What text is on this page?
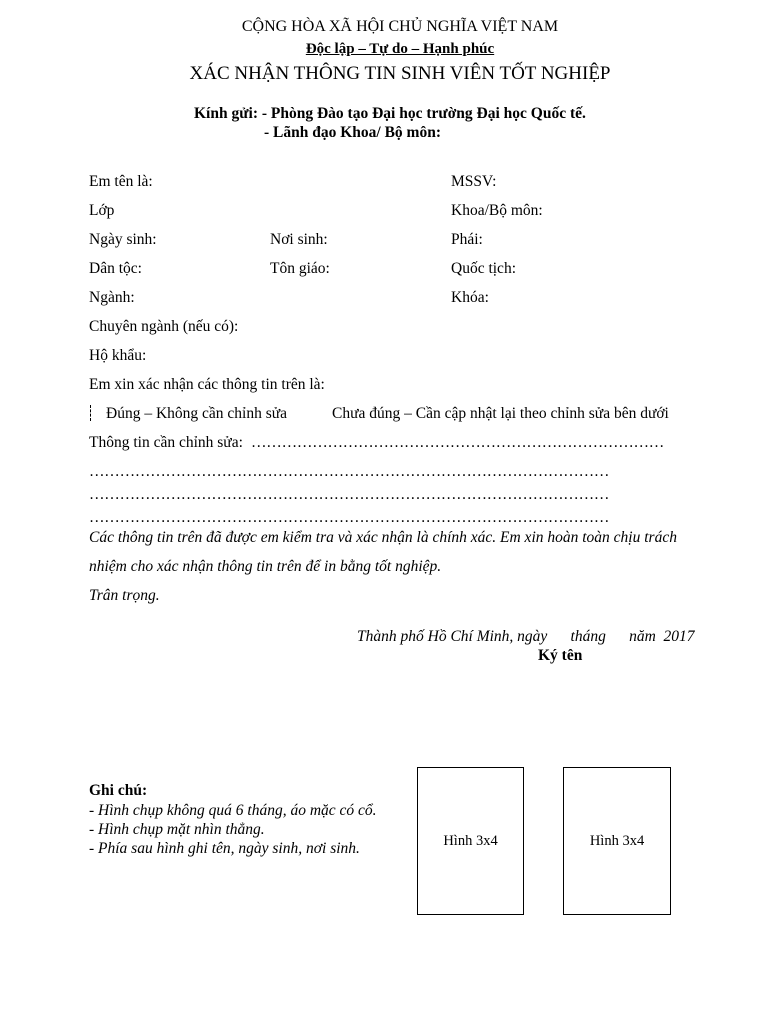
CỘNG HÒA XÃ HỘI CHỦ NGHĨA VIỆT NAM
Độc lập – Tự do – Hạnh phúc
XÁC NHẬN THÔNG TIN SINH VIÊN TỐT NGHIỆP
Kính gửi: - Phòng Đào tạo Đại học trường Đại học Quốc tế.
- Lãnh đạo Khoa/ Bộ môn:
Em tên là:	MSSV:
Lớp	Khoa/Bộ môn:
Ngày sinh:	Nơi sinh:	Phái:
Dân tộc:	Tôn giáo:	Quốc tịch:
Ngành:	Khóa:
Chuyên ngành (nếu có):
Hộ khẩu:
Em xin xác nhận các thông tin trên là:
Đúng – Không cần chỉnh sửa	Chưa đúng – Cần cập nhật lại theo chỉnh sửa bên dưới
Thông tin cần chỉnh sửa: ………………………………………………………………………
…………………………………………………………………………………………
…………………………………………………………………………………………
…………………………………………………………………………………………
Các thông tin trên đã được em kiểm tra và xác nhận là chính xác. Em xin hoàn toàn chịu trách
nhiệm cho xác nhận thông tin trên để in bằng tốt nghiệp.
Trân trọng.
Thành phố Hồ Chí Minh, ngày      tháng      năm  2017
Ký tên
Ghi chú:
- Hình chụp không quá 6 tháng, áo mặc có cổ.
- Hình chụp mặt nhìn thẳng.
- Phía sau hình ghi tên, ngày sinh, nơi sinh.	Hình 3x4	Hình 3x4
